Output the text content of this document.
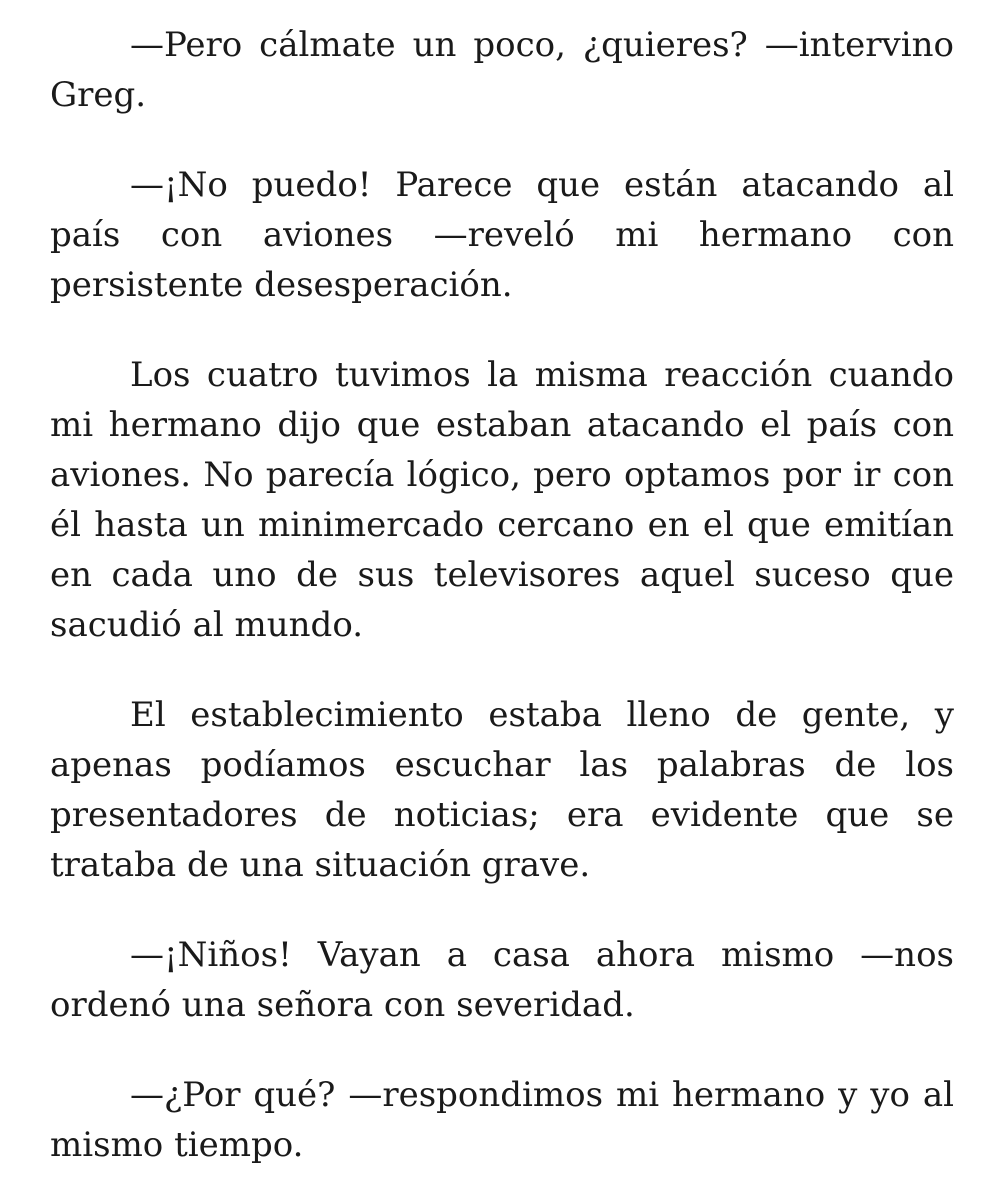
—Pero cálmate un poco, ¿quieres? —intervino Greg.

—¡No puedo! Parece que están atacando al país con aviones —reveló mi hermano con persistente desesperación.

Los cuatro tuvimos la misma reacción cuando mi hermano dijo que estaban atacando el país con aviones. No parecía lógico, pero optamos por ir con él hasta un minimercado cercano en el que emitían en cada uno de sus televisores aquel suceso que sacudió al mundo.

El establecimiento estaba lleno de gente, y apenas podíamos escuchar las palabras de los presentadores de noticias; era evidente que se trataba de una situación grave.

—¡Niños! Vayan a casa ahora mismo —nos ordenó una señora con severidad.

—¿Por qué? —respondimos mi hermano y yo al mismo tiempo.
